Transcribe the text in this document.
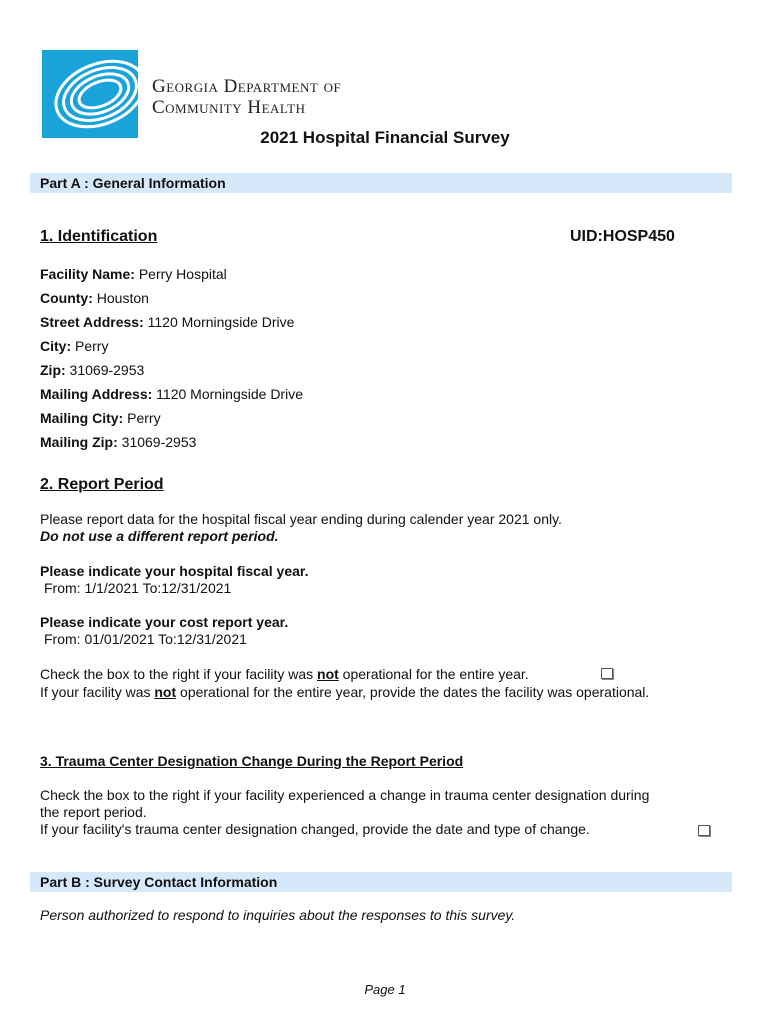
Georgia Department of
Community Health
2021 Hospital Financial Survey
Part A : General Information
1. Identification	UID:HOSP450
Facility Name: Perry Hospital
County: Houston
Street Address: 1120 Morningside Drive
City: Perry
Zip: 31069-2953
Mailing Address: 1120 Morningside Drive
Mailing City: Perry
Mailing Zip: 31069-2953
2. Report Period
Please report data for the hospital fiscal year ending during calender year 2021 only.
Do not use a different report period.
Please indicate your hospital fiscal year.
From: 1/1/2021 To:12/31/2021
Please indicate your cost report year.
From: 01/01/2021 To:12/31/2021
Check the box to the right if your facility was not operational for the entire year.
If your facility was not operational for the entire year, provide the dates the facility was operational.
3. Trauma Center Designation Change During the Report Period
Check the box to the right if your facility experienced a change in trauma center designation during
the report period.
If your facility's trauma center designation changed, provide the date and type of change.
Part B : Survey Contact Information
Person authorized to respond to inquiries about the responses to this survey.
Page 1
